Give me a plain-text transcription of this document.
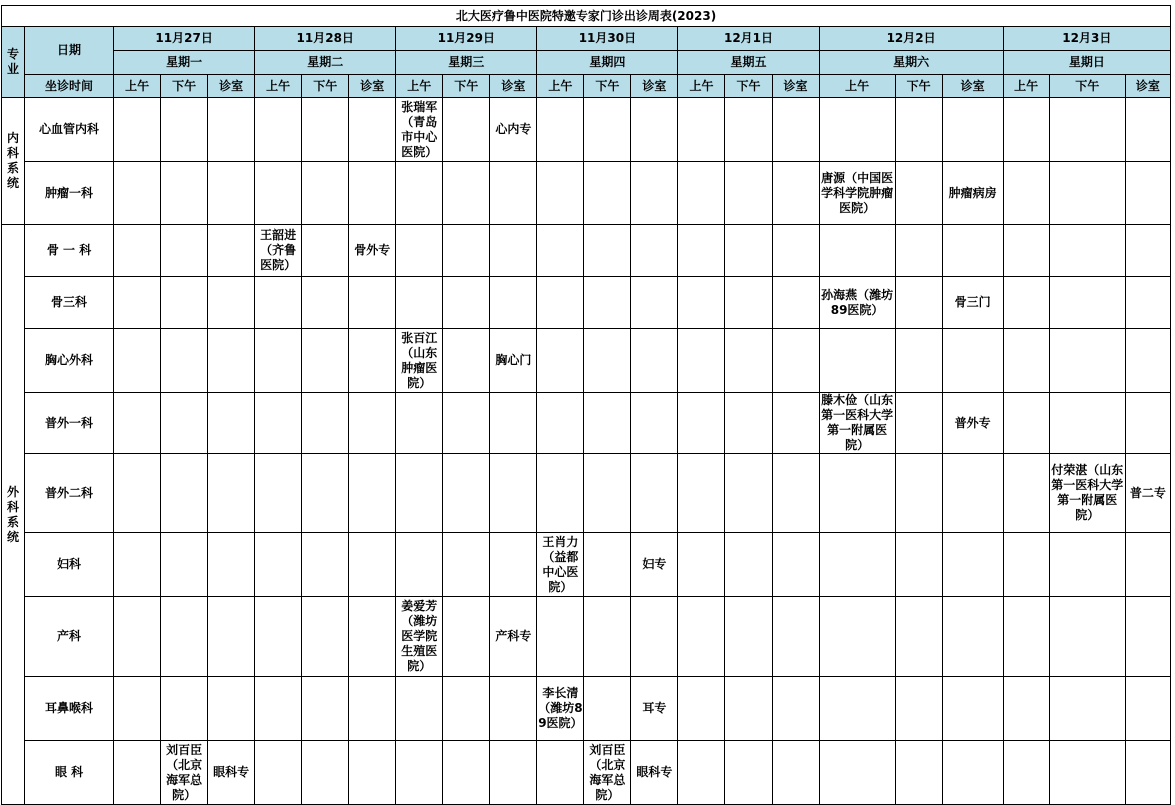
北大医疗鲁中医院特邀专家门诊出诊周表(2023)																						
专业	日期	11月27日			11月28日			11月29日			11月30日			12月1日			12月2日			12月3日		
		星期一			星期二			星期三			星期四			星期五			星期六			星期日		
	坐诊时间	上午	下午	诊室	上午	下午	诊室	上午	下午	诊室	上午	下午	诊室	上午	下午	诊室	上午	下午	诊室	上午	下午	诊室
内科系统	心血管内科							张瑞军（青岛市中心医院）		心内专												
	肿瘤一科																唐源（中国医学科学院肿瘤医院）		肿瘤病房			
外科系统	骨 一 科				王韶进（齐鲁医院）		骨外专															
	骨三科																孙海燕（潍坊89医院）		骨三门			
	胸心外科							张百江（山东肿瘤医院）		胸心门												
	普外一科																滕木俭（山东第一医科大学第一附属医院）		普外专			
	普外二科																				付荣湛（山东第一医科大学第一附属医院）	普二专
	妇科										王肖力（益都中心医院）		妇专									
	产科							姜爱芳（潍坊医学院生殖医院）		产科专												
	耳鼻喉科										李长清（潍坊89医院）		耳专									
	眼 科		刘百臣（北京海军总院）	眼科专								刘百臣（北京海军总院）	眼科专									
